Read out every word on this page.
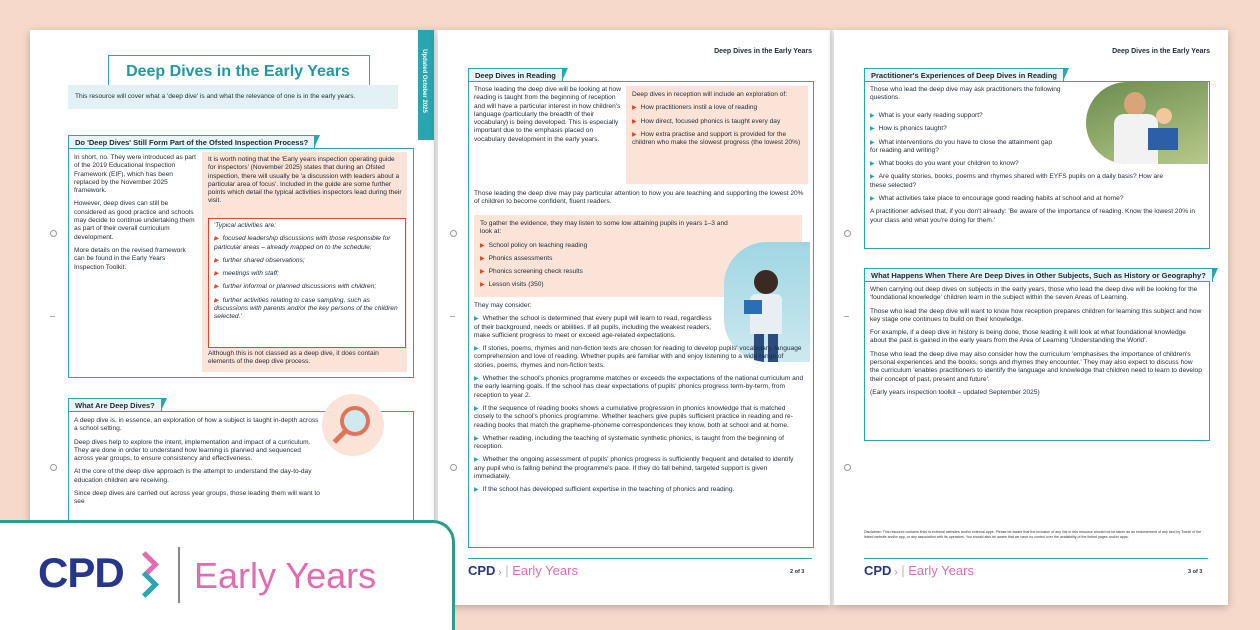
Deep Dives in the Early Years	Updated October 2025
This resource will cover what a 'deep dive' is and what the relevance of one is in the early years.
Do 'Deep Dives' Still Form Part of the Ofsted Inspection Process?

In short, no. They were introduced as part of the 2019 Educational Inspection Framework (EIF), which has been replaced by the November 2025 framework.

However, deep dives can still be considered as good practice and schools may decide to continue undertaking them as part of their overall curriculum development.

More details on the revised framework can be found in the Early Years Inspection Toolkit.

It is worth noting that the 'Early years inspection operating guide for inspectors' (November 2025) states that during an Ofsted inspection, there will usually be 'a discussion with leaders about a particular area of focus'. Included in the guide are some further points which detail the typical activities inspectors lead during their visit.

'Typical activities are:

▶ focused leadership discussions with those responsible for particular areas – already mapped on to the schedule;

▶ further shared observations;

▶ meetings with staff;

▶ further informal or planned discussions with children;

▶ further activities relating to case sampling, such as discussions with parents and/or the key persons of the children selected.'

Although this is not classed as a deep dive, it does contain elements of the deep dive process.
What Are Deep Dives?

A deep dive is, in essence, an exploration of how a subject is taught in-depth across a school setting.

Deep dives help to explore the intent, implementation and impact of a curriculum. They are done in order to understand how learning is planned and sequenced across year groups, to ensure consistency and effectiveness.

At the core of the deep dive approach is the attempt to understand the day-to-day education children are receiving.

Since deep dives are carried out across year groups, those leading them will want to see

Deep Dives in the Early Years
Deep Dives in Reading
Those leading the deep dive will be looking at how reading is taught from the beginning of reception and will have a particular interest in how children's language (particularly the breadth of their vocabulary) is being developed. This is especially important due to the emphasis placed on vocabulary development in the early years.

Deep dives in reception will include an exploration of:

▶ How practitioners instil a love of reading

▶ How direct, focused phonics is taught every day

▶ How extra practise and support is provided for the children who make the slowest progress (the lowest 20%)

Those leading the deep dive may pay particular attention to how you are teaching and supporting the lowest 20% of children to become confident, fluent readers.

To gather the evidence, they may listen to some low attaining pupils in years 1–3 and look at:

▶ School policy on teaching reading

▶ Phonics assessments

▶ Phonics screening check results

▶ Lesson visits (350)

They may consider:

▶ Whether the school is determined that every pupil will learn to read, regardless of their background, needs or abilities. If all pupils, including the weakest readers, make sufficient progress to meet or exceed age-related expectations.

▶ If stories, poems, rhymes and non-fiction texts are chosen for reading to develop pupils' vocabulary, language comprehension and love of reading. Whether pupils are familiar with and enjoy listening to a wide range of stories, poems, rhymes and non-fiction texts.

▶ Whether the school's phonics programme matches or exceeds the expectations of the national curriculum and the early learning goals. If the school has clear expectations of pupils' phonics progress term-by-term, from reception to year 2.

▶ If the sequence of reading books shows a cumulative progression in phonics knowledge that is matched closely to the school's phonics programme. Whether teachers give pupils sufficient practice in reading and re-reading books that match the grapheme-phoneme correspondences they know, both at school and at home.

▶ Whether reading, including the teaching of systematic synthetic phonics, is taught from the beginning of reception.

▶ Whether the ongoing assessment of pupils' phonics progress is sufficiently frequent and detailed to identify any pupil who is falling behind the programme's pace. If they do fall behind, targeted support is given immediately.

▶ If the school has developed sufficient expertise in the teaching of phonics and reading.

CPD › | Early Years	2 of 3
Deep Dives in the Early Years
Practitioner's Experiences of Deep Dives in Reading

Those who lead the deep dive may ask practitioners the following questions.

▶ What is your early reading support?

▶ How is phonics taught?

▶ What interventions do you have to close the attainment gap for reading and writing?

▶ What books do you want your children to know?

▶ Are quality stories, books, poems and rhymes shared with EYFS pupils on a daily basis? How are these selected?

▶ What activities take place to encourage good reading habits at school and at home?

A practitioner advised that, if you don't already: 'Be aware of the importance of reading. Know the lowest 20% in your class and what you're doing for them.'

What Happens When There Are Deep Dives in Other Subjects, Such as History or Geography?

When carrying out deep dives on subjects in the early years, those who lead the deep dive will be looking for the 'foundational knowledge' children learn in the subject within the seven Areas of Learning.

Those who lead the deep dive will want to know how reception prepares children for learning this subject and how key stage one continues to build on their knowledge.

For example, if a deep dive in history is being done, those leading it will look at what foundational knowledge about the past is gained in the early years from the Area of Learning 'Understanding the World'.

Those who lead the deep dive may also consider how the curriculum 'emphasises the importance of children's personal experiences and the books, songs and rhymes they encounter.' They may also expect to discuss how the curriculum 'enables practitioners to identify the language and knowledge that children need to learn to develop their concept of past, present and future'.

(Early years inspection toolkit – updated September 2025)

Disclaimer: This resource contains links to external websites and/or external apps. Please be aware that the inclusion of any link in this resource should not be taken as an endorsement of any kind by Twinkl of the linked website and/or app, or any association with its operators. You should also be aware that we have no control over the availability of the linked pages and/or apps.
CPD › | Early Years	3 of 3
CPD Early Years
